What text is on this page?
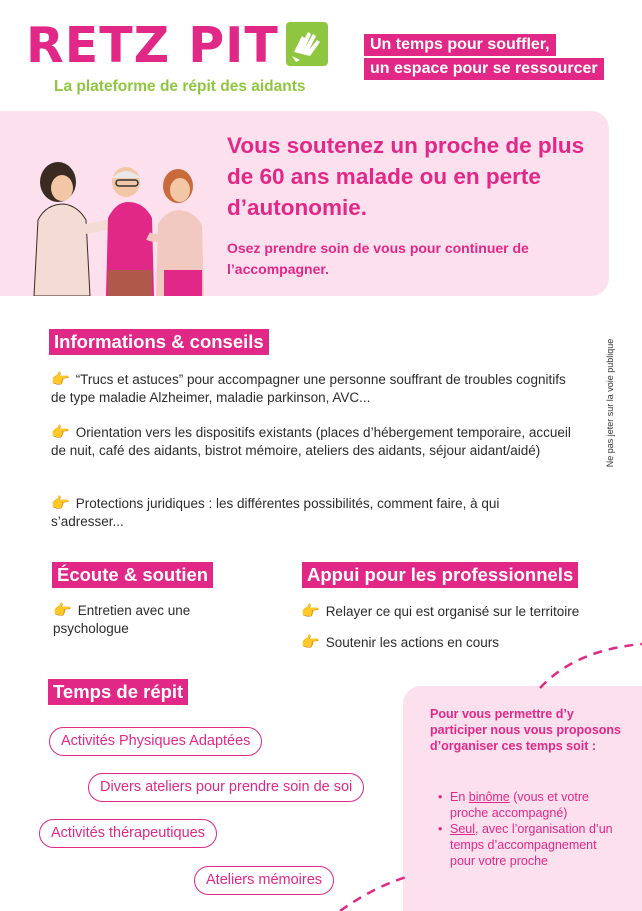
RETZ PIT
La plateforme de répit des aidants
Un temps pour souffler,
un espace pour se ressourcer
Vous soutenez un proche de plus de 60 ans malade ou en perte d’autonomie.
Osez prendre soin de vous pour continuer de l’accompagner.
Informations & conseils
👉 “Trucs et astuces” pour accompagner une personne souffrant de troubles cognitifs de type maladie Alzheimer, maladie parkinson, AVC...
👉 Orientation vers les dispositifs existants (places d’hébergement temporaire, accueil de nuit, café des aidants, bistrot mémoire, ateliers des aidants, séjour aidant/aidé)
👉 Protections juridiques : les différentes possibilités, comment faire, à qui s’adresser...
Ne pas jeter sur la voie publique
Écoute & soutien
👉 Entretien avec une psychologue
Appui pour les professionnels
👉 Relayer ce qui est organisé sur le territoire
👉 Soutenir les actions en cours
Temps de répit
Activités Physiques Adaptées
Divers ateliers pour prendre soin de soi
Activités thérapeutiques
Ateliers mémoires
Pour vous permettre d’y participer nous vous proposons d’organiser ces temps soit :
• En binôme (vous et votre proche accompagné)
• Seul, avec l’organisation d’un temps d’accompagnement pour votre proche
